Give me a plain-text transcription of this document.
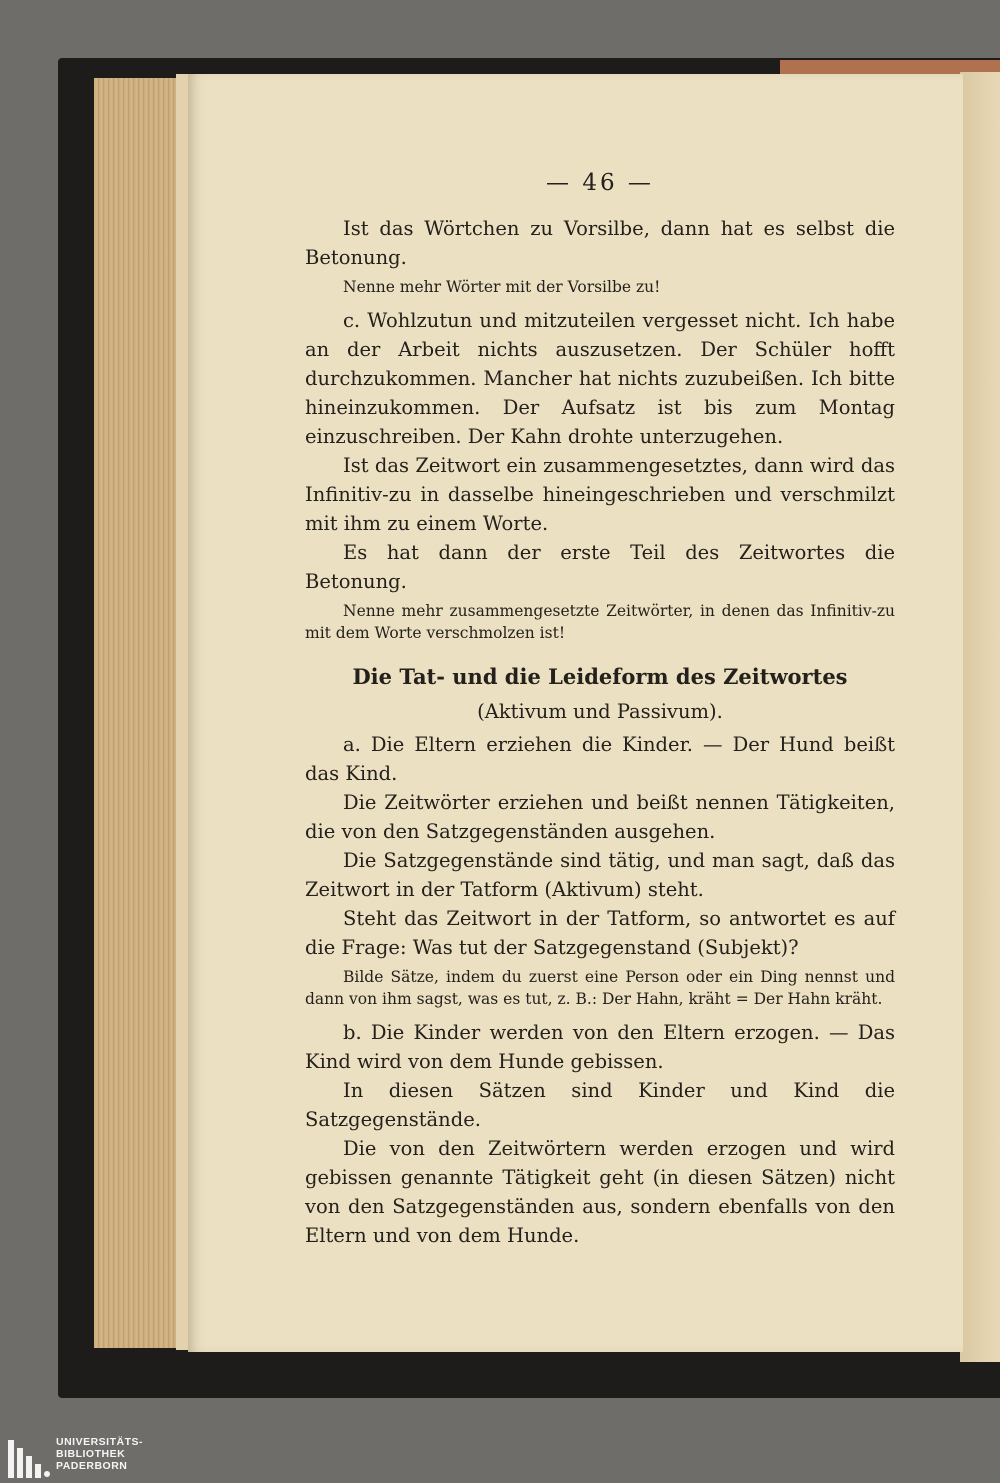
— 46 —

Ist das Wörtchen zu Vorsilbe, dann hat es selbst die Betonung.

Nenne mehr Wörter mit der Vorsilbe zu!

c. Wohlzutun und mitzuteilen vergesset nicht. Ich habe an der Arbeit nichts auszusetzen. Der Schüler hofft durchzukommen. Mancher hat nichts zuzubeißen. Ich bitte hineinzukommen. Der Aufsatz ist bis zum Montag einzuschreiben. Der Kahn drohte unterzugehen.

Ist das Zeitwort ein zusammengesetztes, dann wird das Infinitiv-zu in dasselbe hineingeschrieben und verschmilzt mit ihm zu einem Worte.

Es hat dann der erste Teil des Zeitwortes die Betonung.

Nenne mehr zusammengesetzte Zeitwörter, in denen das Infinitiv-zu mit dem Worte verschmolzen ist!

Die Tat- und die Leideform des Zeitwortes
(Aktivum und Passivum).

a. Die Eltern erziehen die Kinder. — Der Hund beißt das Kind.

Die Zeitwörter erziehen und beißt nennen Tätigkeiten, die von den Satzgegenständen ausgehen.

Die Satzgegenstände sind tätig, und man sagt, daß das Zeitwort in der Tatform (Aktivum) steht.

Steht das Zeitwort in der Tatform, so antwortet es auf die Frage: Was tut der Satzgegenstand (Subjekt)?

Bilde Sätze, indem du zuerst eine Person oder ein Ding nennst und dann von ihm sagst, was es tut, z. B.: Der Hahn, kräht = Der Hahn kräht.

b. Die Kinder werden von den Eltern erzogen. — Das Kind wird von dem Hunde gebissen.

In diesen Sätzen sind Kinder und Kind die Satzgegenstände.

Die von den Zeitwörtern werden erzogen und wird gebissen genannte Tätigkeit geht (in diesen Sätzen) nicht von den Satzgegenständen aus, sondern ebenfalls von den Eltern und von dem Hunde.

UNIVERSITÄTS-
BIBLIOTHEK
PADERBORN
